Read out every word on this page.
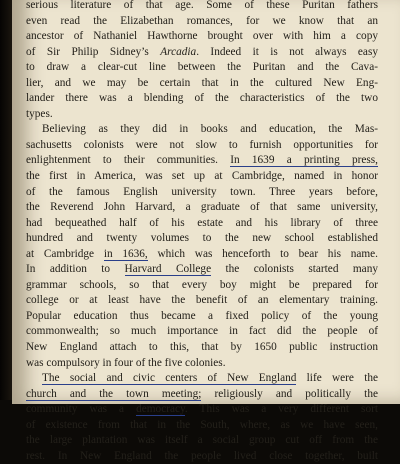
serious literature of that age. Some of these Puritan fathers
even read the Elizabethan romances, for we know that an
ancestor of Nathaniel Hawthorne brought over with him a copy
of Sir Philip Sidney’s Arcadia. Indeed it is not always easy
to draw a clear-cut line between the Puritan and the Cava-
lier, and we may be certain that in the cultured New Eng-
lander there was a blending of the characteristics of the two
types.
Believing as they did in books and education, the Mas-
sachusetts colonists were not slow to furnish opportunities for
enlightenment to their communities. In 1639 a printing press,
the first in America, was set up at Cambridge, named in honor
of the famous English university town. Three years before,
the Reverend John Harvard, a graduate of that same university,
had bequeathed half of his estate and his library of three
hundred and twenty volumes to the new school established
at Cambridge in 1636, which was henceforth to bear his name.
In addition to Harvard College the colonists started many
grammar schools, so that every boy might be prepared for
college or at least have the benefit of an elementary training.
Popular education thus became a fixed policy of the young
commonwealth; so much importance in fact did the people of
New England attach to this, that by 1650 public instruction
was compulsory in four of the five colonies.
The social and civic centers of New England life were the
church and the town meeting; religiously and politically the
community was a democracy. This was a very different sort
of existence from that in the South, where, as we have seen,
the large plantation was itself a social group cut off from the
rest. In New England the people lived close together, built
